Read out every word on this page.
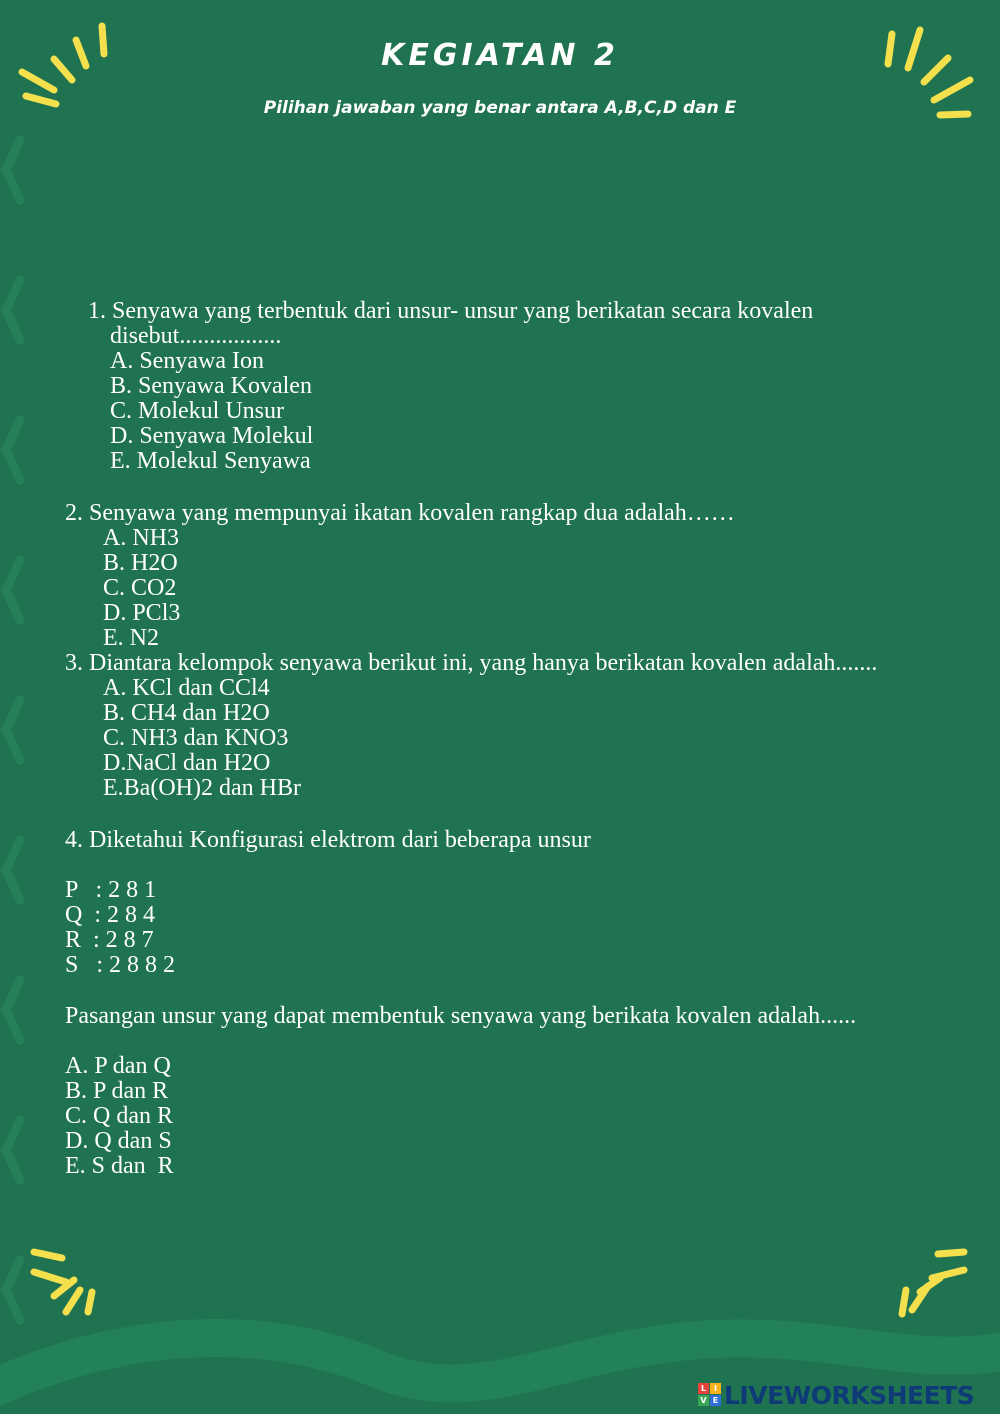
KEGIATAN 2
Pilihan jawaban yang benar antara A,B,C,D dan E
1. Senyawa yang terbentuk dari unsur- unsur yang berikatan secara kovalen
disebut.................
A. Senyawa Ion
B. Senyawa Kovalen
C. Molekul Unsur
D. Senyawa Molekul
E. Molekul Senyawa
2. Senyawa yang mempunyai ikatan kovalen rangkap dua adalah……
A. NH3
B. H2O
C. CO2
D. PCl3
E. N2
3. Diantara kelompok senyawa berikut ini, yang hanya berikatan kovalen adalah.......
A. KCl dan CCl4
B. CH4 dan H2O
C. NH3 dan KNO3
D.NaCl dan H2O
E.Ba(OH)2 dan HBr
4. Diketahui Konfigurasi elektrom dari beberapa unsur
P   : 2 8 1
Q  : 2 8 4
R  : 2 8 7
S   : 2 8 8 2
Pasangan unsur yang dapat membentuk senyawa yang berikata kovalen adalah......
A. P dan Q
B. P dan R
C. Q dan R
D. Q dan S
E. S dan  R
L I
V E LIVEWORKSHEETS
